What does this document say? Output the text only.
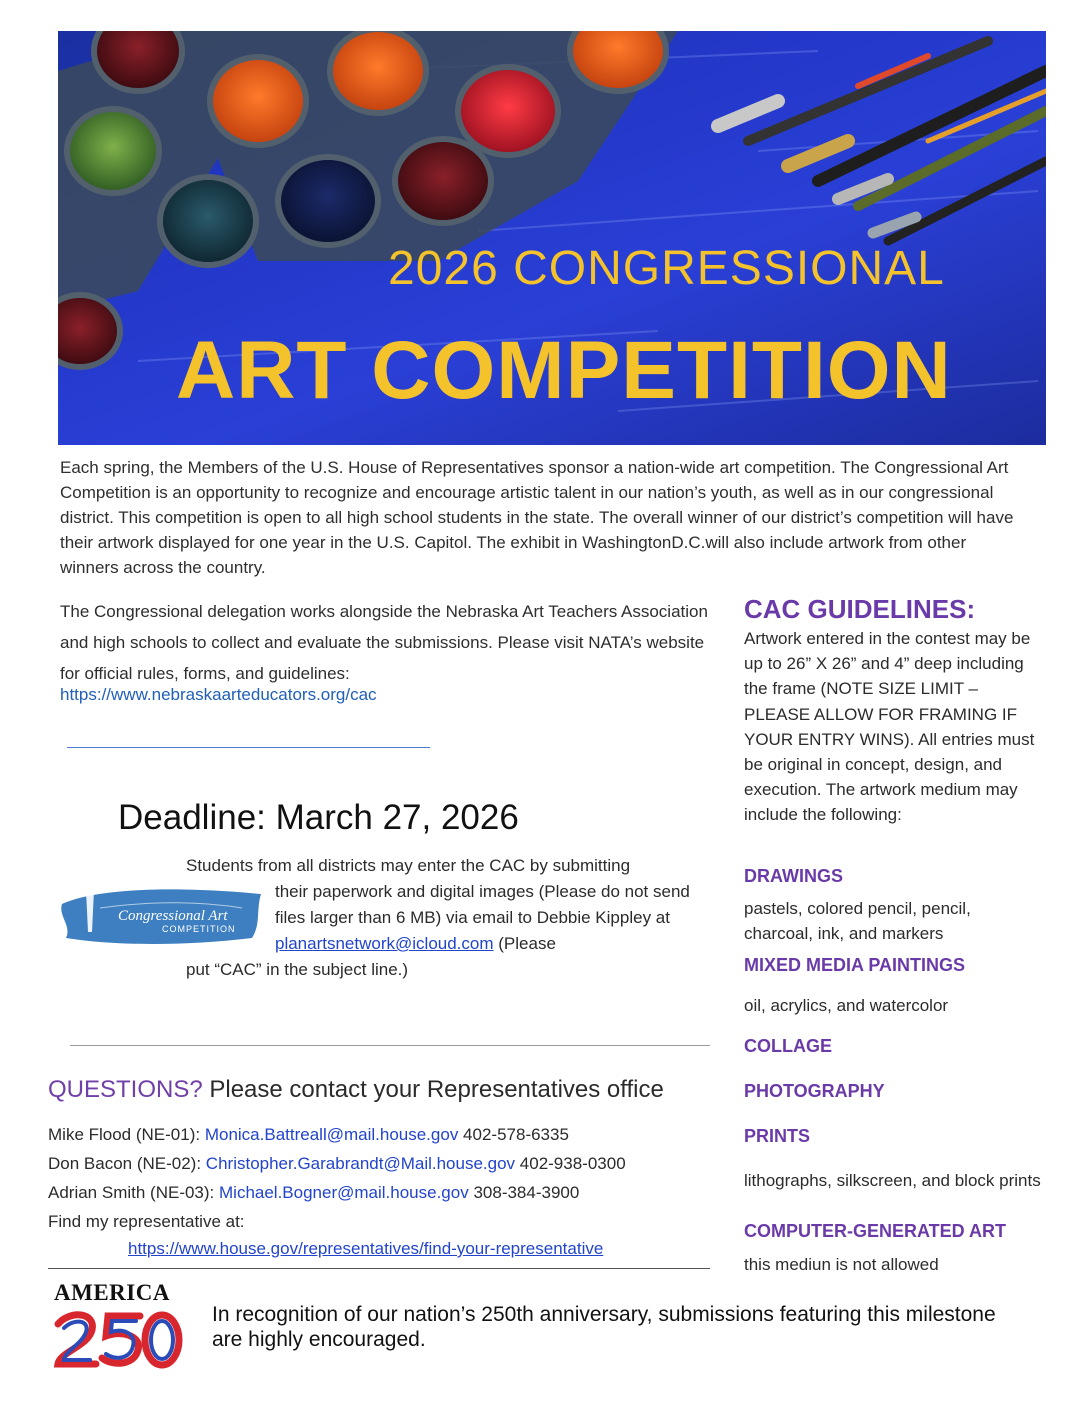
2026 CONGRESSIONAL
ART COMPETITION
Each spring, the Members of the U.S. House of Representatives sponsor a nation-wide art competition. The Congressional Art Competition is an opportunity to recognize and encourage artistic talent in our nation’s youth, as well as in our congressional district. This competition is open to all high school students in the state. The overall winner of our district’s competition will have their artwork displayed for one year in the U.S. Capitol. The exhibit in WashingtonD.C.will also include artwork from other winners across the country.
The Congressional delegation works alongside the Nebraska Art Teachers Association and high schools to collect and evaluate the submissions. Please visit NATA’s website for official rules, forms, and guidelines:
https://www.nebraskaarteducators.org/cac
Deadline: March 27, 2026
Congressional Art
COMPETITION
Students from all districts may enter the CAC by submitting
their paperwork and digital images (Please do not send files larger than 6 MB) via email to Debbie Kippley at planartsnetwork@icloud.com (Please
put “CAC” in the subject line.)
QUESTIONS? Please contact your Representatives office
Mike Flood (NE-01): Monica.Battreall@mail.house.gov 402-578-6335
Don Bacon (NE-02): Christopher.Garabrandt@Mail.house.gov 402-938-0300
Adrian Smith (NE-03): Michael.Bogner@mail.house.gov 308-384-3900
Find my representative at:
https://www.house.gov/representatives/find-your-representative
CAC GUIDELINES:
Artwork entered in the contest may be up to 26” X 26” and 4” deep including the frame (NOTE SIZE LIMIT – PLEASE ALLOW FOR FRAMING IF YOUR ENTRY WINS). All entries must be original in concept, design, and execution. The artwork medium may include the following:
DRAWINGS
pastels, colored pencil, pencil, charcoal, ink, and markers
MIXED MEDIA PAINTINGS
oil, acrylics, and watercolor
COLLAGE
PHOTOGRAPHY
PRINTS
lithographs, silkscreen, and block prints
COMPUTER-GENERATED ART
this mediun is not allowed
AMERICA
In recognition of our nation’s 250th anniversary, submissions featuring this milestone are highly encouraged.
